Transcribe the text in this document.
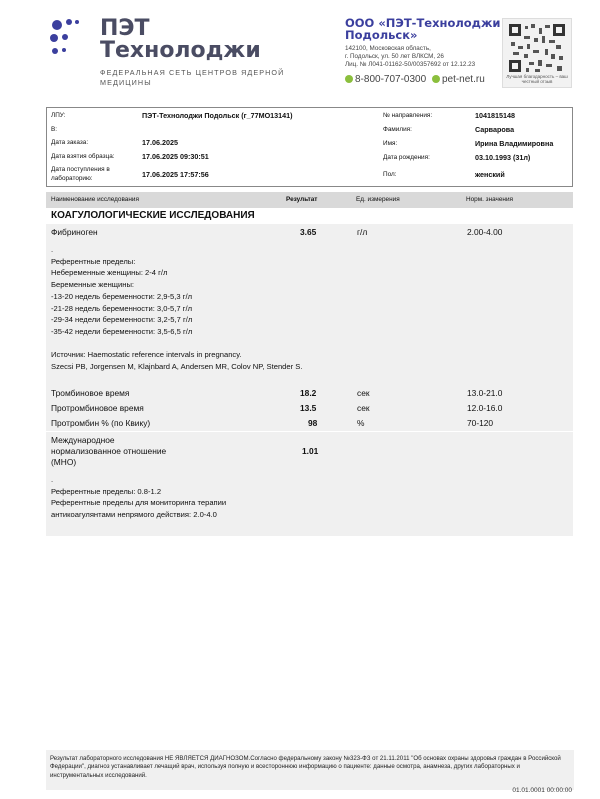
ПЭТ
Технолоджи
ФЕДЕРАЛЬНАЯ СЕТЬ ЦЕНТРОВ ЯДЕРНОЙ МЕДИЦИНЫ
ООО «ПЭТ-Технолоджи Подольск»
142100, Московская область,
г. Подольск, ул. 50 лет ВЛКСМ, 26
Лиц. № Л041-01162-50/00357692 от 12.12.23
8-800-707-0300 pet-net.ru	Лучшая благодарность – ваш честный отзыв
ЛПУ:	ПЭТ-Технолоджи Подольск (г_77МО13141)
В:
Дата заказа:	17.06.2025
Дата взятия образца:	17.06.2025 09:30:51
Дата поступления в
лабораторию:	17.06.2025 17:57:56
№ направления:	1041815148
Фамилия:	Сарварова
Имя:	Ирина Владимировна
Дата рождения:	03.10.1993 (31л)
Пол:	женский
Наименование исследования	Результат	Ед. измерения	Норм. значения
КОАГУЛОЛОГИЧЕСКИЕ ИССЛЕДОВАНИЯ
Фибриноген	3.65	г/л	2.00-4.00
.
Референтные пределы:
Небеременные женщины: 2-4 г/л
Беременные женщины:
-13-20 недель беременности: 2,9-5,3 г/л
-21-28 недель беременности: 3,0-5,7 г/л
-29-34 недели беременности: 3,2-5,7 г/л
-35-42 недели беременности: 3,5-6,5 г/л
Источник: Haemostatic reference intervals in pregnancy.
Szecsi PB, Jorgensen M, Klajnbard A, Andersen MR, Colov NP, Stender S.
Тромбиновое время	18.2	сек	13.0-21.0
Протромбиновое время	13.5	сек	12.0-16.0
Протромбин % (по Квику)	98	%	70-120
Международное
нормализованное отношение
(МНО)
1.01
.
Референтные пределы: 0.8-1.2
Референтные пределы для мониторинга терапии
антикоагулянтами непрямого действия: 2.0-4.0
Результат лабораторного исследования НЕ ЯВЛЯЕТСЯ ДИАГНОЗОМ.Согласно федеральному закону №323-ФЗ от 21.11.2011 "Об основах охраны здоровья граждан в Российской Федерации", диагноз устанавливает лечащий врач, используя полную и всестороннюю информацию о пациенте: данные осмотра, анамнеза, других лабораторных и инструментальных исследований.
01.01.0001 00:00:00
